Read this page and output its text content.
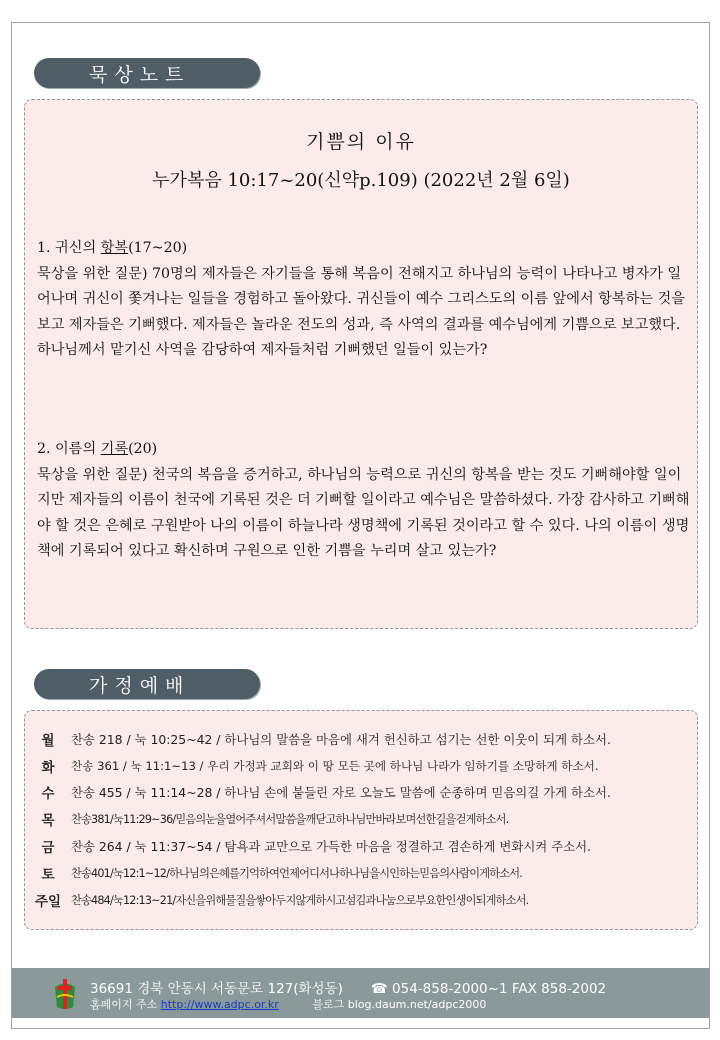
묵상노트
기쁨의 이유
누가복음 10:17~20(신약p.109) (2022년 2월 6일)
1. 귀신의 항복(17~20)
묵상을 위한 질문) 70명의 제자들은 자기들을 통해 복음이 전해지고 하나님의 능력이 나타나고 병자가 일어나며 귀신이 쫓겨나는 일들을 경험하고 돌아왔다. 귀신들이 예수 그리스도의 이름 앞에서 항복하는 것을 보고 제자들은 기뻐했다. 제자들은 놀라운 전도의 성과, 즉 사역의 결과를 예수님에게 기쁨으로 보고했다. 하나님께서 맡기신 사역을 감당하여 제자들처럼 기뻐했던 일들이 있는가?
2. 이름의 기록(20)
묵상을 위한 질문) 천국의 복음을 증거하고, 하나님의 능력으로 귀신의 항복을 받는 것도 기뻐해야할 일이지만 제자들의 이름이 천국에 기록된 것은 더 기뻐할 일이라고 예수님은 말씀하셨다. 가장 감사하고 기뻐해야 할 것은 은혜로 구원받아 나의 이름이 하늘나라 생명책에 기록된 것이라고 할 수 있다. 나의 이름이 생명책에 기록되어 있다고 확신하며 구원으로 인한 기쁨을 누리며 살고 있는가?
가정예배
월	찬송 218 / 눅 10:25~42 / 하나님의 말씀을 마음에 새겨 헌신하고 섬기는 선한 이웃이 되게 하소서.
화	찬송 361 / 눅 11:1~13 / 우리 가정과 교회와 이 땅 모든 곳에 하나님 나라가 임하기를 소망하게 하소서.
수	찬송 455 / 눅 11:14~28 / 하나님 손에 붙들린 자로 오늘도 말씀에 순종하며 믿음의길 가게 하소서.
목	찬송381/눅11:29~36/믿음의눈을열어주셔서말씀을깨닫고하나님만바라보며선한길을걷게하소서.
금	찬송 264 / 눅 11:37~54 / 탐욕과 교만으로 가득한 마음을 정결하고 겸손하게 변화시켜 주소서.
토	찬송401/눅12:1~12/하나님의은혜를기억하여언제어디서나하나님을시인하는믿음의사람이게하소서.
주일 찬송484/눅12:13~21/자신을위해물질을쌓아두지않게하시고섬김과나눔으로부요한인생이되게하소서.
36691 경북 안동시 서동문로 127(화성동) ☎ 054-858-2000~1 FAX 858-2002
홈페이지 주소 http://www.adpc.or.kr	블로그 blog.daum.net/adpc2000
